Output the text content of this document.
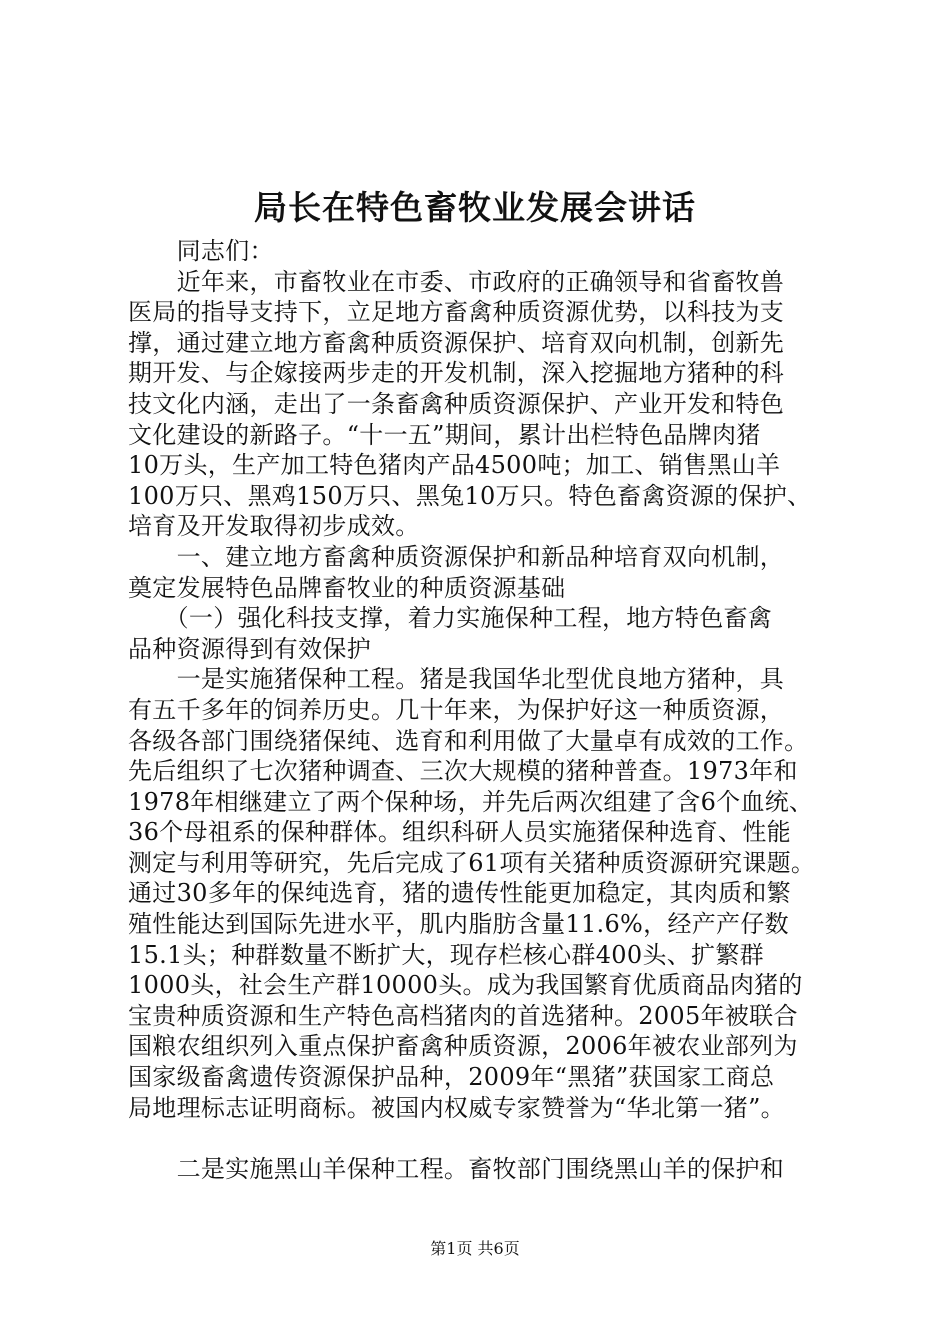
局长在特色畜牧业发展会讲话
　　同志们：
　　近年来，市畜牧业在市委、市政府的正确领导和省畜牧兽
医局的指导支持下，立足地方畜禽种质资源优势，以科技为支
撑，通过建立地方畜禽种质资源保护、培育双向机制，创新先
期开发、与企嫁接两步走的开发机制，深入挖掘地方猪种的科
技文化内涵，走出了一条畜禽种质资源保护、产业开发和特色
文化建设的新路子。“十一五”期间，累计出栏特色品牌肉猪
10万头，生产加工特色猪肉产品4500吨；加工、销售黑山羊
100万只、黑鸡150万只、黑兔10万只。特色畜禽资源的保护、
培育及开发取得初步成效。
　　一、建立地方畜禽种质资源保护和新品种培育双向机制，
奠定发展特色品牌畜牧业的种质资源基础
　　（一）强化科技支撑，着力实施保种工程，地方特色畜禽
品种资源得到有效保护
　　一是实施猪保种工程。猪是我国华北型优良地方猪种，具
有五千多年的饲养历史。几十年来，为保护好这一种质资源，
各级各部门围绕猪保纯、选育和利用做了大量卓有成效的工作。
先后组织了七次猪种调查、三次大规模的猪种普查。1973年和
1978年相继建立了两个保种场，并先后两次组建了含6个血统、
36个母祖系的保种群体。组织科研人员实施猪保种选育、性能
测定与利用等研究，先后完成了61项有关猪种质资源研究课题。
通过30多年的保纯选育，猪的遗传性能更加稳定，其肉质和繁
殖性能达到国际先进水平，肌内脂肪含量11.6%，经产产仔数
15.1头；种群数量不断扩大，现存栏核心群400头、扩繁群
1000头，社会生产群10000头。成为我国繁育优质商品肉猪的
宝贵种质资源和生产特色高档猪肉的首选猪种。2005年被联合
国粮农组织列入重点保护畜禽种质资源，2006年被农业部列为
国家级畜禽遗传资源保护品种，2009年“黑猪”获国家工商总
局地理标志证明商标。被国内权威专家赞誉为“华北第一猪”。
　　二是实施黑山羊保种工程。畜牧部门围绕黑山羊的保护和
第1页 共6页
